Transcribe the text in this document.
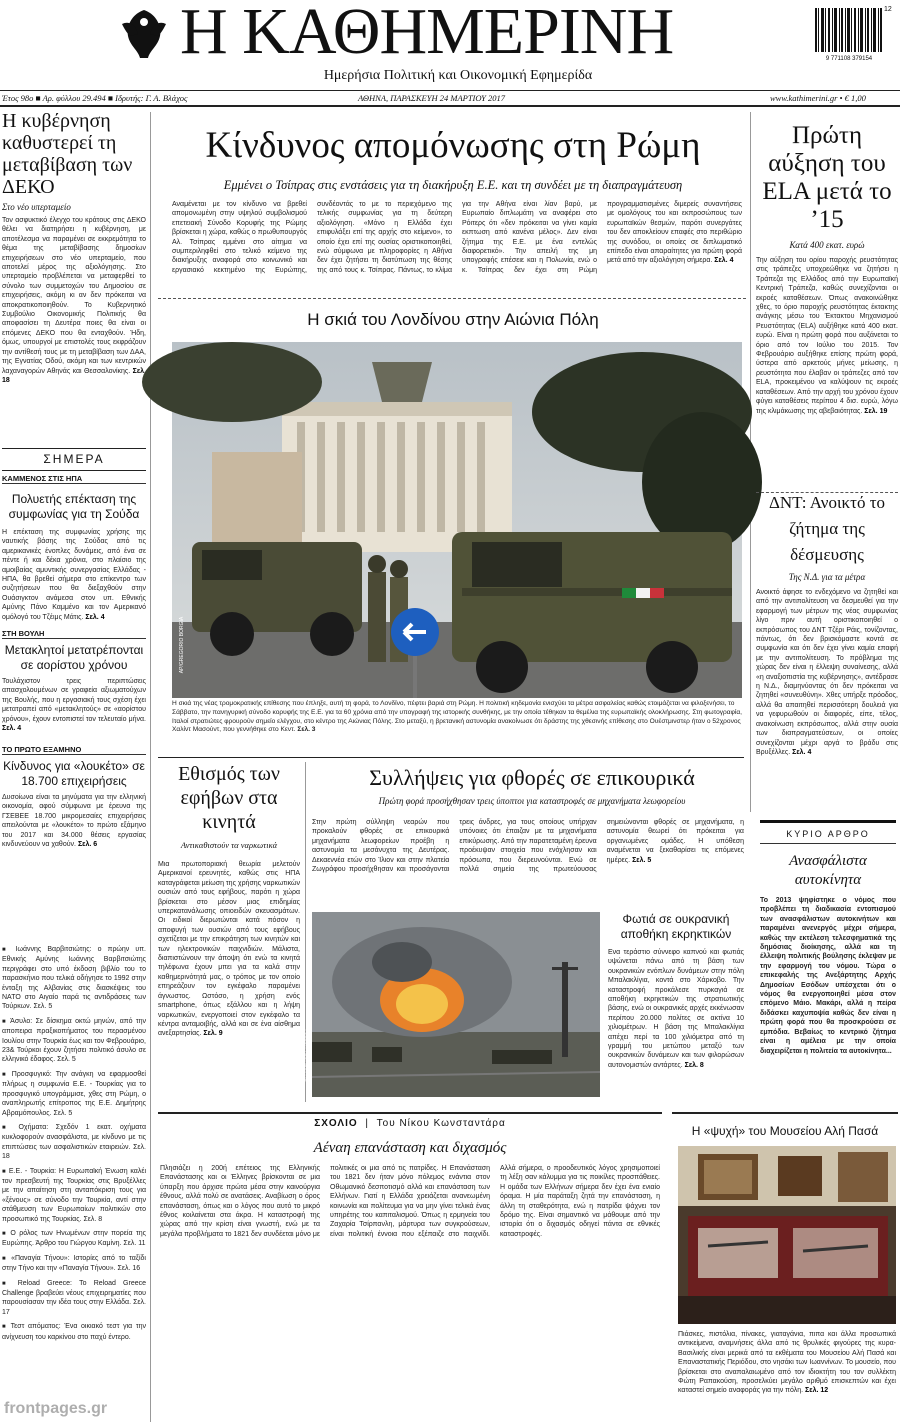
Η ΚΑΘΗΜΕΡΙΝΗ
Ημερήσια Πολιτική και Οικονομική Εφημερίδα
9 771108 379154
12
Έτος 98ο ■ Αρ. φύλλου 29.494 ■ Ιδρυτής: Γ. Α. Βλάχος	ΑΘΗΝΑ, ΠΑΡΑΣΚΕΥΗ 24 ΜΑΡΤΙΟΥ 2017	www.kathimerini.gr • € 1,00
Η κυβέρνηση καθυστερεί τη μεταβίβαση των ΔΕΚΟ
Στο νέο υπερταμείο
Τον ασφυκτικό έλεγχο του κράτους στις ΔΕΚΟ θέλει να διατηρήσει η κυβέρνηση, με αποτέλεσμα να παραμένει σε εκκρεμότητα το θέμα της μεταβίβασης δημοσίων επιχειρήσεων στο νέο υπερταμείο, που αποτελεί μέρος της αξιολόγησης. Στο υπερταμείο προβλέπεται να μεταφερθεί το σύνολο των συμμετοχών του Δημοσίου σε επιχειρήσεις, ακόμη κι αν δεν πρόκειται να αποκρατικοποιηθούν. Το Κυβερνητικό Συμβούλιο Οικονομικής Πολιτικής θα αποφασίσει τη Δευτέρα ποιες θα είναι οι επόμενες ΔΕΚΟ που θα ενταχθούν. Ήδη, όμως, υπουργοί με επιστολές τους εκφράζουν την αντίθεσή τους με τη μεταβίβαση των ΔΑΑ, της Εγνατίας Οδού, ακόμη και των κεντρικών λαχαναγορών Αθηνάς και Θεσσαλονίκης. Σελ. 18
ΣΗΜΕΡΑ
ΚΑΜΜΕΝΟΣ ΣΤΙΣ ΗΠΑ
Πολυετής επέκταση της συμφωνίας για τη Σούδα
Η επέκταση της συμφωνίας χρήσης της ναυτικής βάσης της Σούδας από τις αμερικανικές ένοπλες δυνάμεις, από ένα σε πέντε ή και δέκα χρόνια, στο πλαίσιο της αμοιβαίας αμυντικής συνεργασίας Ελλάδας - ΗΠΑ, θα βρεθεί σήμερα στο επίκεντρο των συζητήσεων που θα διεξαχθούν στην Ουάσιγκτον ανάμεσα στον υπ. Εθνικής Αμύνης Πάνο Καμμένο και τον Αμερικανό ομόλογό του Τζέιμς Μάτις. Σελ. 4
ΣΤΗ ΒΟΥΛΗ
Μετακλητοί μετατρέπονται σε αορίστου χρόνου
Τουλάχιστον τρεις περιπτώσεις απασχολουμένων σε γραφεία αξιωματούχων της Βουλής, που η εργασιακή τους σχέση έχει μετατραπεί από «μετακλητούς» σε «αορίστου χρόνου», έχουν εντοπιστεί τον τελευταίο μήνα. Σελ. 4
ΤΟ ΠΡΩΤΟ ΕΞΑΜΗΝΟ
Κίνδυνος για «λουκέτο» σε 18.700 επιχειρήσεις
Δυσοίωνα είναι τα μηνύματα για την ελληνική οικονομία, αφού σύμφωνα με έρευνα της ΓΣΕΒΕΕ 18.700 μικρομεσαίες επιχειρήσεις απειλούνται με «λουκέτο» το πρώτο εξάμηνο του 2017 και 34.000 θέσεις εργασίας κινδυνεύουν να χαθούν. Σελ. 6
■ Ιωάννης Βαρβιτσιώτης: ο πρώην υπ. Εθνικής Αμύνης Ιωάννης Βαρβιτσιώτης περιγράφει στο υπό έκδοση βιβλίο του το παρασκήνιο που τελικά οδήγησε το 1992 στην ένταξη της Αλβανίας στις διασκέψεις του ΝΑΤΟ στο Αιγαίο παρά τις αντιδράσεις των Τούρκων. Σελ. 5
■ Άσυλο: Σε δίσκημα οκτώ μηνών, από την αποπειρα πραξικοπήματος του περασμένου Ιουλίου στην Τουρκία έως και τον Φεβρουάριο, 23& Τούρκοι έχουν ζητήσει πολιτικό άσυλο σε ελληνικό έδαφος. Σελ. 5
■ Προσφυγικό: Την ανάγκη να εφαρμοσθεί πλήρως η συμφωνία Ε.Ε. - Τουρκίας για το προσφυγικό υπογράμμισε, χθες στη Ρώμη, ο αναπληρωτής επίτροπος της Ε.Ε. Δημήτρης Αβραμόπουλος. Σελ. 5
■ Οχήματα: Σχεδόν 1 εκατ. οχήματα κυκλοφορούν ανασφάλιστα, με κίνδυνο με τις επιπτώσεις των ασφαλιστικών εταιρειών. Σελ. 18
■ Ε.Ε. - Τουρκία: Η Ευρωπαϊκή Ένωση καλέι τον πρεσβευτή της Τουρκίας στις Βρυξέλλες με την απαίτηση στη ανταπόκριση τους για «ξένους» σε σύνοδο την Τουρκία, αντί στην στάθμευση των Ευρωπαίων πολιτικών στο προσωπικό της Τουρκίας. Σελ. 8
■ Ο ρόλος των Ηνωμένων στην πορεία της Ευρώπης. Άρθρο του Γιώργου Καμίνη. Σελ. 11
■ «Παναγία Τήνου»: Ιστορίες από το ταξίδι στην Τήνο και την «Παναγία Τήνου». Σελ. 16
■ Reload Greece: Το Reload Greece Challenge βραβεύει νέους επιχειρηματίες που παρουσίασαν την ιδέα τους στην Ελλάδα. Σελ. 17
■ Τεστ απόματος: Ένα οικιακό τεστ για την ανίχνευση του καρκίνου στο παχύ έντερο.
Κίνδυνος απομόνωσης στη Ρώμη
Εμμένει ο Τσίπρας στις ενστάσεις για τη διακήρυξη Ε.Ε. και τη συνδέει με τη διαπραγμάτευση
Αναμένεται με τον κίνδυνο να βρεθεί απομονωμένη στην υψηλού συμβολισμού επετειακή Σύνοδο Κορυφής της Ρώμης βρίσκεται η χώρα, καθώς ο πρωθυπουργός Αλ. Τσίπρας εμμένει στο αίτημα να συμπεριληφθεί στο τελικό κείμενο της διακήρυξης αναφορά στο κοινωνικό και εργασιακό κεκτημένο της Ευρώπης, συνδέοντάς το με το περιεχόμενο της τελικής συμφωνίας για τη δεύτερη αξιολόγηση. «Μόνο η Ελλάδα έχει επιφυλάξει επί της αρχής στο κείμενο», το οποίο έχει επί της ουσίας οριστικοποιηθεί, ενώ σύμφωνα με πληροφορίες η Αθήνα δεν έχει ζητήσει τη διατύπωση της θέσης της από τους κ. Τσίπρας. Πάντως, το κλίμα για την Αθήνα είναι λίαν βαρύ, με Ευρωπαίο διπλωμάτη να αναφέρει στο Ρόιτερς ότι «δεν πρόκειται να γίνει καμία εκπτωση από κανένα μέλος». Δεν είναι ζήτημα της Ε.Ε. με ένα εντελώς διαφορετικό». Την απειλή της μη υπογραφής επέσειε και η Πολωνία, ενώ ο κ. Τσίπρας δεν έχει στη Ρώμη προγραμματισμένες διμερείς συναντήσεις με ομολόγους του και εκπροσώπους των ευρωπαϊκών θεσμών, παρότι συνεργάτες του δεν αποκλείουν επαφές στο περιθώριο της συνόδου, οι οποίες σε διπλωματικό επίπεδο είναι απαραίτητες για πρώτη φορά μετά από την αξιολόγηση σήμερα. Σελ. 4
Η σκιά του Λονδίνου στην Αιώνια Πόλη
AP/GREGORIO BORGIA
Η σκιά της νέας τρομοκρατικής επίθεσης που έπληξε, αυτή τη φορά, το Λονδίνο, πέφτει βαριά στη Ρώμη. Η πολιτική κηδεμονία ενισχύει τα μέτρα ασφαλείας καθώς ετοιμάζεται να φιλοξενήσει, το Σάββατο, την πανηγυρική σύνοδο κορυφής της Ε.Ε. για τα 60 χρόνια από την υπογραφή της ιστορικής συνθήκης, με την οποία τέθηκαν τα θεμέλια της ευρωπαϊκής ολοκλήρωσης. Στη φωτογραφία, Ιταλοί στρατιώτες φρουρούν σημείο ελέγχου, στο κέντρο της Αιώνιας Πόλης. Στο μεταξύ, η βρετανική αστυνομία ανακοίνωσε ότι δράστης της χθεσινής επίθεσης στο Ουέστμινστερ ήταν ο 52χρονος Χαλίντ Μασούντ, που γεννήθηκε στο Κεντ. Σελ. 3
Πρώτη αύξηση του ELA μετά το ’15
Κατά 400 εκατ. ευρώ
Την αύξηση του ορίου παροχής ρευστότητας στις τράπεζες υποχρεώθηκε να ζητήσει η Τράπεζα της Ελλάδος από την Ευρωπαϊκή Κεντρική Τράπεζα, καθώς συνεχίζονται οι εκροές καταθέσεων. Όπως ανακοινώθηκε χθες, το όριο παροχής ρευστότητας έκτακτης ανάγκης μέσω του Έκτακτου Μηχανισμού Ρευστότητας (ELA) αυξήθηκε κατά 400 εκατ. ευρώ. Είναι η πρώτη φορά που αυξάνεται το όριο από τον Ιούλιο του 2015. Τον Φεβρουάριο αυξήθηκε επίσης πρώτη φορά, ύστερα από αρκετούς μήνες μείωσης, η ρευστότητα που έλαβαν οι τράπεζες από τον ELA, προκειμένου να καλύψουν τις εκροές καταθέσεων. Από την αρχή του χρόνου έχουν φύγει καταθέσεις περίπου 4 δισ. ευρώ, λόγω της κλιμάκωσης της αβεβαιότητας. Σελ. 19
ΔΝΤ: Ανοικτό το ζήτημα της δέσμευσης
Της Ν.Δ. για τα μέτρα
Ανοικτό άφησε το ενδεχόμενο να ζητηθεί και από την αντιπολίτευση να δεσμευθεί για την εφαρμογή των μέτρων της νέας συμφωνίας λίγο πριν αυτή οριστικοποιηθεί ο εκπρόσωπος του ΔΝΤ Τζέρι Ράις, τονίζοντας, πάντως, ότι δεν βρισκόμαστε κοντά σε συμφωνία και ότι δεν έχει γίνει καμία επαφή με την αντιπολίτευση. Το πρόβλημα της χώρας δεν είναι η έλλειψη συναίνεσης, αλλά «η αναξιοπιστία της κυβέρνησης», αντέδρασε η Ν.Δ., διαμηνύοντας ότι δεν πρόκειται να ζητηθεί «συνευθύνη». Χθες υπήρξε πρόοδος, αλλά θα απαιτηθεί περισσότερη δουλειά για να γεφυρωθούν οι διαφορές, είπε, τέλος, ανακοίνωση εκπρόσωπος, αλλά στην ουσία των διαπραγματεύσεων, οι οποίες συνεχίζονται μέχρι αργά το βράδυ στις Βρυξέλλες. Σελ. 4
ΚΥΡΙΟ ΑΡΘΡΟ
Ανασφάλιστα αυτοκίνητα
Το 2013 ψηφίστηκε ο νόμος που προβλέπει τη διαδικασία εντοπισμού των ανασφάλιστων αυτοκινήτων και παραμένει ανενεργός μέχρι σήμερα, καθώς την εκτέλεση τελεσφηματικά της δημόσιας διοίκησης, αλλά και τη έλλειψη πολιτικής βούλησης έκλεψαν με την εφαρμογή του νόμου. Τώρα ο επικεφαλής της Ανεξάρτητης Αρχής Δημοσίων Εσόδων υπέσχεται ότι ο νόμος θα ενεργοποιηθεί μέσα στον επόμενο Μάιο. Μακάρι, αλλά η πείρα διδάσκει καχυποψία καθώς δεν είναι η πρώτη φορά που θα προσκρούσει σε εμπόδια. Βεβαίως το κεντρικό ζήτημα είναι η αμέλεια με την οποία διαχειρίζεται η πολιτεία τα αυτοκίνητα...
Εθισμός των εφήβων στα κινητά
Αντικαθιστούν τα ναρκωτικά
Μια πρωτοποριακή θεωρία μελετούν Αμερικανοί ερευνητές, καθώς στις ΗΠΑ καταγράφεται μείωση της χρήσης ναρκωτικών ουσιών από τους εφήβους, παρότι η χώρα βρίσκεται στο μέσον μιας επιδημίας υπερκατανάλωσης οπιοειδών σκευασμάτων. Οι ειδικοί διερωτώνται κατά πόσον η αποφυγή των ουσιών από τους εφήβους σχετίζεται με την επικράτηση των κινητών και των ηλεκτρονικών παιχνιδιών. Μάλιστα, διαπιστώνουν την άποψη ότι ενώ τα κινητά τηλέφωνα έχουν μπει για τα καλά στην καθημερινότητά μας, ο τρόπος με τον οποίο επηρεάζουν τον εγκέφαλο παραμένει άγνωστος. Ωστόσο, η χρήση ενός smartphone, όπως εξάλλου και η λήψη ναρκωτικών, ενεργοποιεί στον εγκέφαλο τα κέντρα ανταμοιβής, αλλά και σε ένα αίσθημα ανεξαρτησίας. Σελ. 9
Συλλήψεις για φθορές σε επικουρικά
Πρώτη φορά προσήχθησαν τρεις ύποπτοι για καταστροφές σε μηχανήματα λεωφορείου
Στην πρώτη σύλληψη νεαρών που προκαλούν φθορές σε επικουρικά μηχανήματα λεωφορείων προέβη η αστυνομία τα μεσάνυχτα της Δευτέρας. Δεκαεννέα ετών στο Ίλιον και στην πλατεία Ζωγράφου προσήχθησαν και προσάγονται τρεις άνδρες, για τους οποίους υπήρχαν υπόνοιες ότι έπαιζαν με τα μηχανήματα επικύρωσης. Από την παρατεταμένη έρευνα προέκυψαν στοιχεία που ενόχλησαν και πρόσωπα, που διερευνούνται. Ενώ σε πολλά σημεία της πρωτεύουσας σημειώνονται φθορές σε μηχανήματα, η αστυνομία θεωρεί ότι πρόκειται για οργανωμένες ομάδες. Η υπόθεση αναμένεται να ξεκαθαρίσει τις επόμενες ημέρες. Σελ. 5
EPA/SERGEY KOZLOV
Φωτιά σε ουκρανική αποθήκη εκρηκτικών
Ενα τεράστιο σύννεφο καπνού και φωτιάς υψώνεται πάνω από τη βάση των ουκρανικών ενόπλων δυνάμεων στην πόλη Μπαλακλίγια, κοντά στο Χάρκοβο. Την καταστροφή προκάλεσε πυρκαγιά σε αποθήκη εκρηκτικών της στρατιωτικής βάσης, ενώ οι ουκρανικές αρχές εκκένωσαν περίπου 20.000 πολίτες σε ακτίνα 10 χιλιομέτρων. Η βάση της Μπαλακλίγια απέχει περί τα 100 χιλιόμετρα από τη γραμμή του μετώπου μεταξύ των ουκρανικών δυνάμεων και των φιλορώσων αυτονομιστών αντάρτες. Σελ. 8
ΣΧΟΛΙΟ | Του Νίκου Κωνσταντάρα
Αέναη επανάσταση και διχασμός
Πλησιάζει η 200ή επέτειος της Ελληνικής Επανάστασης και οι Έλληνες βρίσκονται σε μια ύπαρξη που άρχισε πρώτα μέσα στην καινούργια έθνους, αλλά πολύ σε ανατάσεις. Αναβίωση ο όρος επανάσταση, όπως και ο λόγος που αυτό το μικρό έθνος κοιλαίνεται στα άκρα. Η καταστροφή της χώρας από την κρίση είναι γνωστή, ενώ με τα μεγάλα προβλήματα το 1821 δεν συνδέεται μόνο με πολιτικές οι μια από τις πατρίδες. Η Επανάσταση του 1821 δεν ήταν μόνο πόλεμος ενάντια στον Οθωμανικό δεσποτισμό αλλά και επανάσταση των Ελλήνων. Γιατί η Ελλάδα χρειάζεται ανανεωμένη κοινωνία και πολίτευμα για να μην γίνει τελικά ένας υπηρέτης του καπιταλισμού. Όπως η ερμηνεία του Ζαχαρία Τσίρπανλη, μάρτυρα των συγκρούσεων, είναι πολιτική έννοια που εξέπαιζε στο παιχνίδι. Αλλά σήμερα, ο προοδευτικός λόγος χρησιμοποιεί τη λέξη σαν κάλυμμα για τις ποικίλες προσπάθειες. Η ομάδα των Ελλήνων σήμερα δεν έχει ένα ενιαίο όραμα. Η μία παράταξη ζητά την επανάσταση, η άλλη τη σταθερότητα, ενώ η πατρίδα ψάχνει τον δρόμο της. Είναι σημαντικό να μάθουμε από την ιστορία ότι ο διχασμός οδηγεί πάντα σε εθνικές καταστροφές.
Η «ψυχή» του Μουσείου Αλή Πασά
Πιάσκες, πιστόλια, πίνακες, γιαταγάνια, πιπα και άλλα προσωπικά αντικείμενα, αναμνήσεις άλλα από τις θρυλικές φιγούρες της κυρα-Βασιλικής είναι μερικά από τα εκθέματα του Μουσείου Αλή Πασά και Επαναστατικής Περιόδου, στο νησάκι των Ιωαννίνων. Το μουσείο, που βρίσκεται στο αναπαλαιωμένο από τον ιδιοκτήτη του τον συλλέκτη Φώτη Ραπακούση, προσελκύει μεγάλο αριθμό επισκεπτών και έχει καταστεί σημείο αναφοράς για την πόλη. Σελ. 12
frontpages.gr
